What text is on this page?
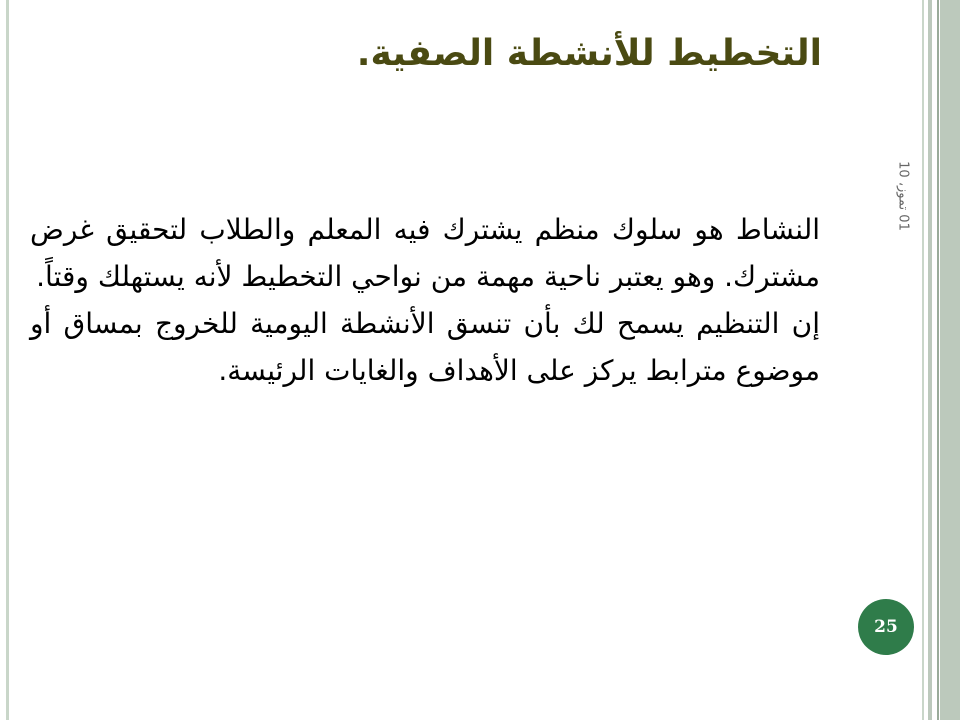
التخطيط للأنشطة الصفية.
01 تموز، 10

النشاط هو سلوك منظم يشترك فيه المعلم والطلاب لتحقيق غرض مشترك. وهو يعتبر ناحية مهمة من نواحي التخطيط لأنه يستهلك وقتاً.

إن التنظيم يسمح لك بأن تنسق الأنشطة اليومية للخروج بمساق أو موضوع مترابط يركز على الأهداف والغايات الرئيسة.

25
